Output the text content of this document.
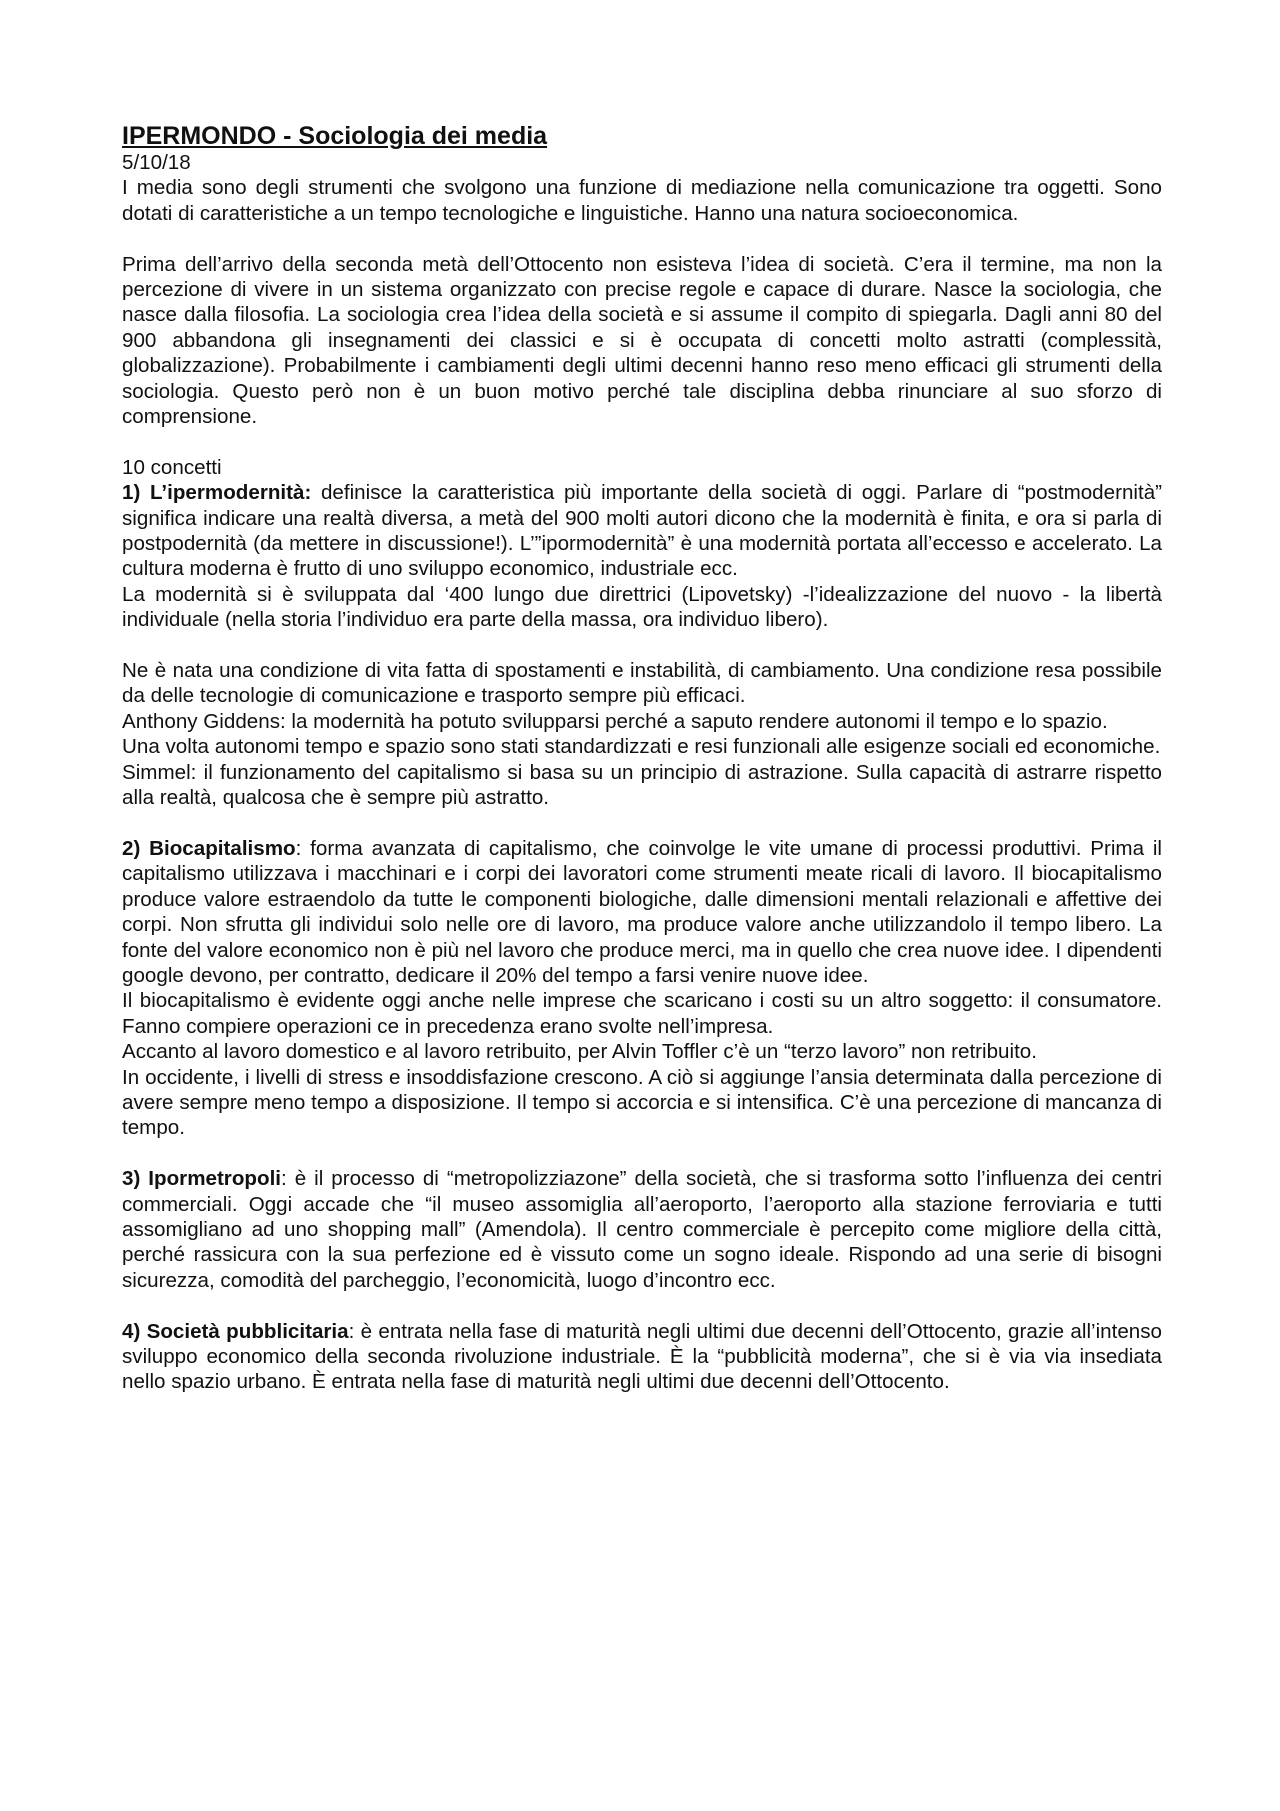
IPERMONDO - Sociologia dei media
5/10/18

I media sono degli strumenti che svolgono una funzione di mediazione nella comunicazione tra oggetti. Sono dotati di caratteristiche a un tempo tecnologiche e linguistiche. Hanno una natura socioeconomica.

Prima dell’arrivo della seconda metà dell’Ottocento non esisteva l’idea di società. C’era il termine, ma non la percezione di vivere in un sistema organizzato con precise regole e capace di durare. Nasce la sociologia, che nasce dalla filosofia. La sociologia crea l’idea della società e si assume il compito di spiegarla. Dagli anni 80 del 900 abbandona gli insegnamenti dei classici e si è occupata di concetti molto astratti (complessità, globalizzazione). Probabilmente i cambiamenti degli ultimi decenni hanno reso meno efficaci gli strumenti della sociologia. Questo però non è un buon motivo perché tale disciplina debba rinunciare al suo sforzo di comprensione.

10 concetti

1) L’ipermodernità: definisce la caratteristica più importante della società di oggi. Parlare di “postmodernità” significa indicare una realtà diversa, a metà del 900 molti autori dicono che la modernità è finita, e ora si parla di postpodernità (da mettere in discussione!). L’”ipormodernità” è una modernità portata all’eccesso e accelerato. La cultura moderna è frutto di uno sviluppo economico, industriale ecc.

La modernità si è sviluppata dal ‘400 lungo due direttrici (Lipovetsky) -l’idealizzazione del nuovo - la libertà individuale (nella storia l’individuo era parte della massa, ora individuo libero).

Ne è nata una condizione di vita fatta di spostamenti e instabilità, di cambiamento. Una condizione resa possibile da delle tecnologie di comunicazione e trasporto sempre più efficaci.

Anthony Giddens: la modernità ha potuto svilupparsi perché a saputo rendere autonomi il tempo e lo spazio.

Una volta autonomi tempo e spazio sono stati standardizzati e resi funzionali alle esigenze sociali ed economiche.

Simmel: il funzionamento del capitalismo si basa su un principio di astrazione. Sulla capacità di astrarre rispetto alla realtà, qualcosa che è sempre più astratto.

2) Biocapitalismo: forma avanzata di capitalismo, che coinvolge le vite umane di processi produttivi. Prima il capitalismo utilizzava i macchinari e i corpi dei lavoratori come strumenti meate ricali di lavoro. Il biocapitalismo produce valore estraendolo da tutte le componenti biologiche, dalle dimensioni mentali relazionali e affettive dei corpi. Non sfrutta gli individui solo nelle ore di lavoro, ma produce valore anche utilizzandolo il tempo libero. La fonte del valore economico non è più nel lavoro che produce merci, ma in quello che crea nuove idee. I dipendenti google devono, per contratto, dedicare il 20% del tempo a farsi venire nuove idee.

Il biocapitalismo è evidente oggi anche nelle imprese che scaricano i costi su un altro soggetto: il consumatore. Fanno compiere operazioni ce in precedenza erano svolte nell’impresa.

Accanto al lavoro domestico e al lavoro retribuito, per Alvin Toffler c’è un “terzo lavoro” non retribuito.

In occidente, i livelli di stress e insoddisfazione crescono. A ciò si aggiunge l’ansia determinata dalla percezione di avere sempre meno tempo a disposizione. Il tempo si accorcia e si intensifica. C’è una percezione di mancanza di tempo.

3) Ipormetropoli: è il processo di “metropolizziazone” della società, che si trasforma sotto l’influenza dei centri commerciali. Oggi accade che “il museo assomiglia all’aeroporto, l’aeroporto alla stazione ferroviaria e tutti assomigliano ad uno shopping mall” (Amendola). Il centro commerciale è percepito come migliore della città, perché rassicura con la sua perfezione ed è vissuto come un sogno ideale. Rispondo ad una serie di bisogni sicurezza, comodità del parcheggio, l’economicità, luogo d’incontro ecc.

4) Società pubblicitaria: è entrata nella fase di maturità negli ultimi due decenni dell’Ottocento, grazie all’intenso sviluppo economico della seconda rivoluzione industriale. È la “pubblicità moderna”, che si è via via insediata nello spazio urbano. È entrata nella fase di maturità negli ultimi due decenni dell’Ottocento.
